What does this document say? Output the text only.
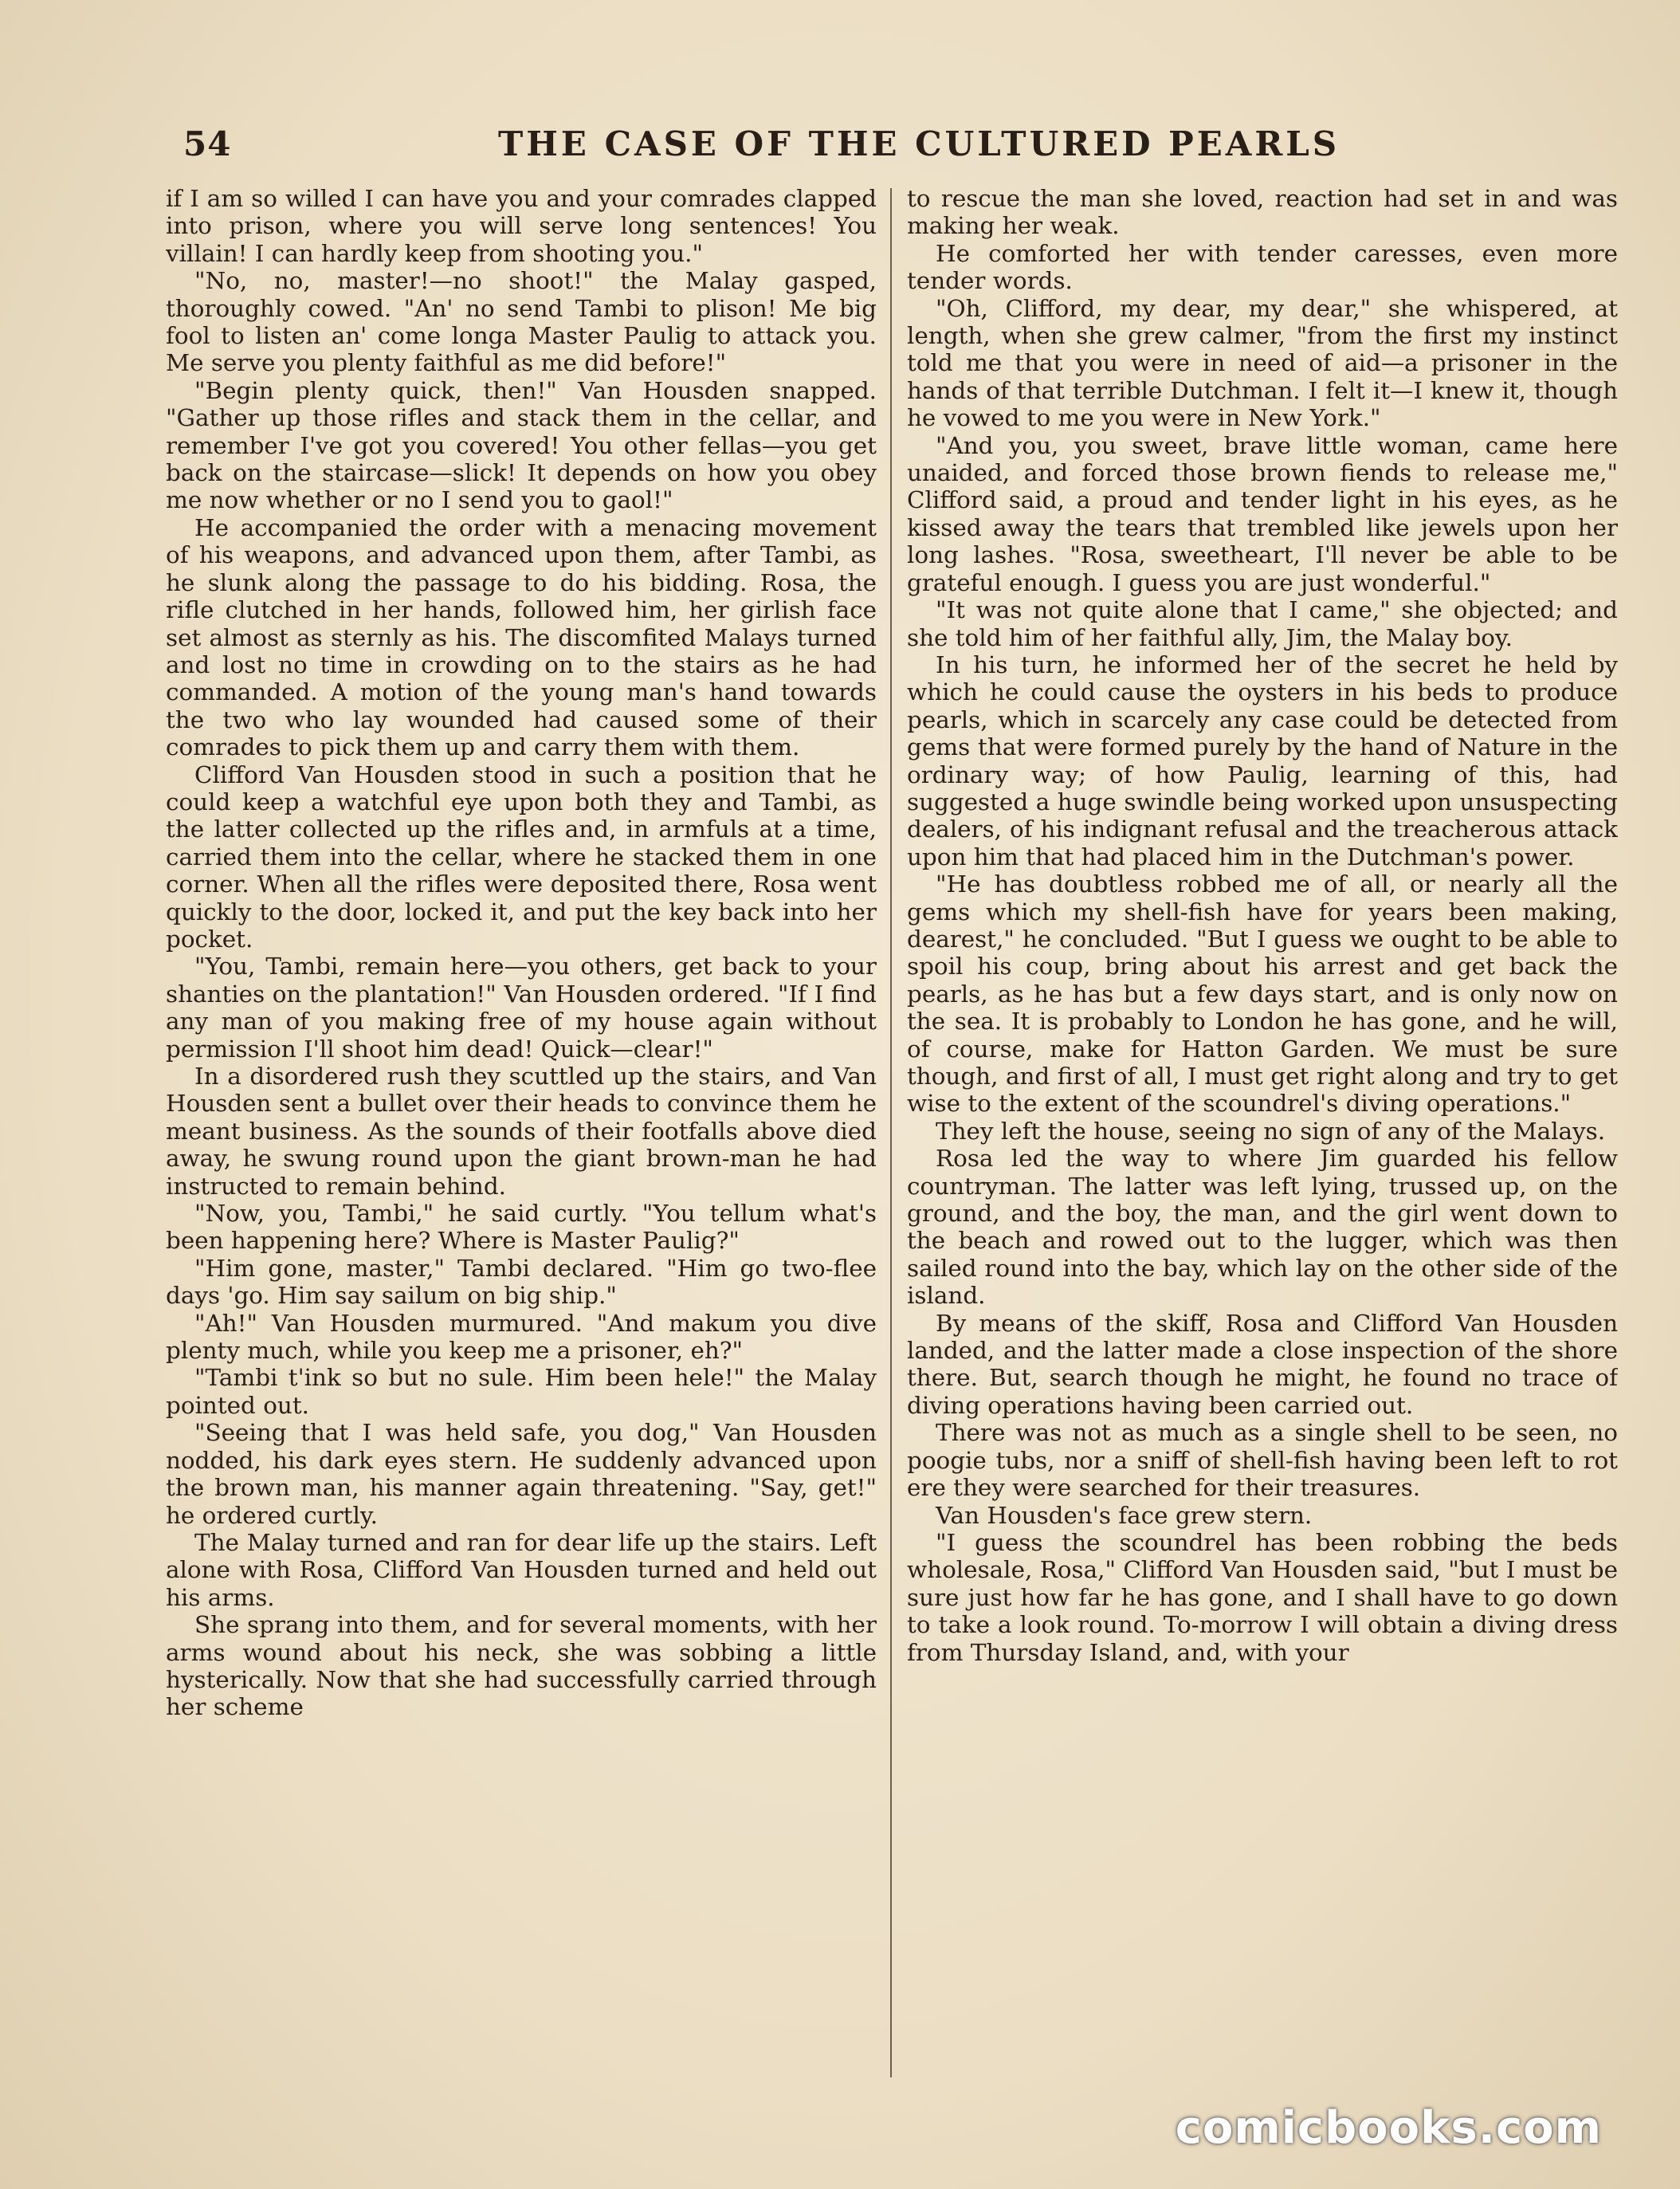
54	THE CASE OF THE CULTURED PEARLS

if I am so willed I can have you and your comrades clapped into prison, where you will serve long sentences! You villain! I can hardly keep from shooting you."

"No, no, master!—no shoot!" the Malay gasped, thoroughly cowed. "An' no send Tambi to plison! Me big fool to listen an' come longa Master Paulig to attack you. Me serve you plenty faithful as me did before!"

"Begin plenty quick, then!" Van Housden snapped. "Gather up those rifles and stack them in the cellar, and remember I've got you covered! You other fellas—you get back on the staircase—slick! It depends on how you obey me now whether or no I send you to gaol!"

He accompanied the order with a menacing movement of his weapons, and advanced upon them, after Tambi, as he slunk along the passage to do his bidding. Rosa, the rifle clutched in her hands, followed him, her girlish face set almost as sternly as his. The discomfited Malays turned and lost no time in crowding on to the stairs as he had commanded. A motion of the young man's hand towards the two who lay wounded had caused some of their comrades to pick them up and carry them with them.

Clifford Van Housden stood in such a position that he could keep a watchful eye upon both they and Tambi, as the latter collected up the rifles and, in armfuls at a time, carried them into the cellar, where he stacked them in one corner. When all the rifles were deposited there, Rosa went quickly to the door, locked it, and put the key back into her pocket.

"You, Tambi, remain here—you others, get back to your shanties on the plantation!" Van Housden ordered. "If I find any man of you making free of my house again without permission I'll shoot him dead! Quick—clear!"

In a disordered rush they scuttled up the stairs, and Van Housden sent a bullet over their heads to convince them he meant business. As the sounds of their footfalls above died away, he swung round upon the giant brown-man he had instructed to remain behind.

"Now, you, Tambi," he said curtly. "You tellum what's been happening here? Where is Master Paulig?"

"Him gone, master," Tambi declared. "Him go two-flee days 'go. Him say sailum on big ship."

"Ah!" Van Housden murmured. "And makum you dive plenty much, while you keep me a prisoner, eh?"

"Tambi t'ink so but no sule. Him been hele!" the Malay pointed out.

"Seeing that I was held safe, you dog," Van Housden nodded, his dark eyes stern. He suddenly advanced upon the brown man, his manner again threatening. "Say, get!" he ordered curtly.

The Malay turned and ran for dear life up the stairs. Left alone with Rosa, Clifford Van Housden turned and held out his arms.

She sprang into them, and for several moments, with her arms wound about his neck, she was sobbing a little hysterically. Now that she had successfully carried through her scheme

to rescue the man she loved, reaction had set in and was making her weak.

He comforted her with tender caresses, even more tender words.

"Oh, Clifford, my dear, my dear," she whispered, at length, when she grew calmer, "from the first my instinct told me that you were in need of aid—a prisoner in the hands of that terrible Dutchman. I felt it—I knew it, though he vowed to me you were in New York."

"And you, you sweet, brave little woman, came here unaided, and forced those brown fiends to release me," Clifford said, a proud and tender light in his eyes, as he kissed away the tears that trembled like jewels upon her long lashes. "Rosa, sweetheart, I'll never be able to be grateful enough. I guess you are just wonderful."

"It was not quite alone that I came," she objected; and she told him of her faithful ally, Jim, the Malay boy.

In his turn, he informed her of the secret he held by which he could cause the oysters in his beds to produce pearls, which in scarcely any case could be detected from gems that were formed purely by the hand of Nature in the ordinary way; of how Paulig, learning of this, had suggested a huge swindle being worked upon unsuspecting dealers, of his indignant refusal and the treacherous attack upon him that had placed him in the Dutchman's power.

"He has doubtless robbed me of all, or nearly all the gems which my shell-fish have for years been making, dearest," he concluded. "But I guess we ought to be able to spoil his coup, bring about his arrest and get back the pearls, as he has but a few days start, and is only now on the sea. It is probably to London he has gone, and he will, of course, make for Hatton Garden. We must be sure though, and first of all, I must get right along and try to get wise to the extent of the scoundrel's diving operations."

They left the house, seeing no sign of any of the Malays.

Rosa led the way to where Jim guarded his fellow countryman. The latter was left lying, trussed up, on the ground, and the boy, the man, and the girl went down to the beach and rowed out to the lugger, which was then sailed round into the bay, which lay on the other side of the island.

By means of the skiff, Rosa and Clifford Van Housden landed, and the latter made a close inspection of the shore there. But, search though he might, he found no trace of diving operations having been carried out.

There was not as much as a single shell to be seen, no poogie tubs, nor a sniff of shell-fish having been left to rot ere they were searched for their treasures.

Van Housden's face grew stern.

"I guess the scoundrel has been robbing the beds wholesale, Rosa," Clifford Van Housden said, "but I must be sure just how far he has gone, and I shall have to go down to take a look round. To-morrow I will obtain a diving dress from Thursday Island, and, with your

comicbooks.com
